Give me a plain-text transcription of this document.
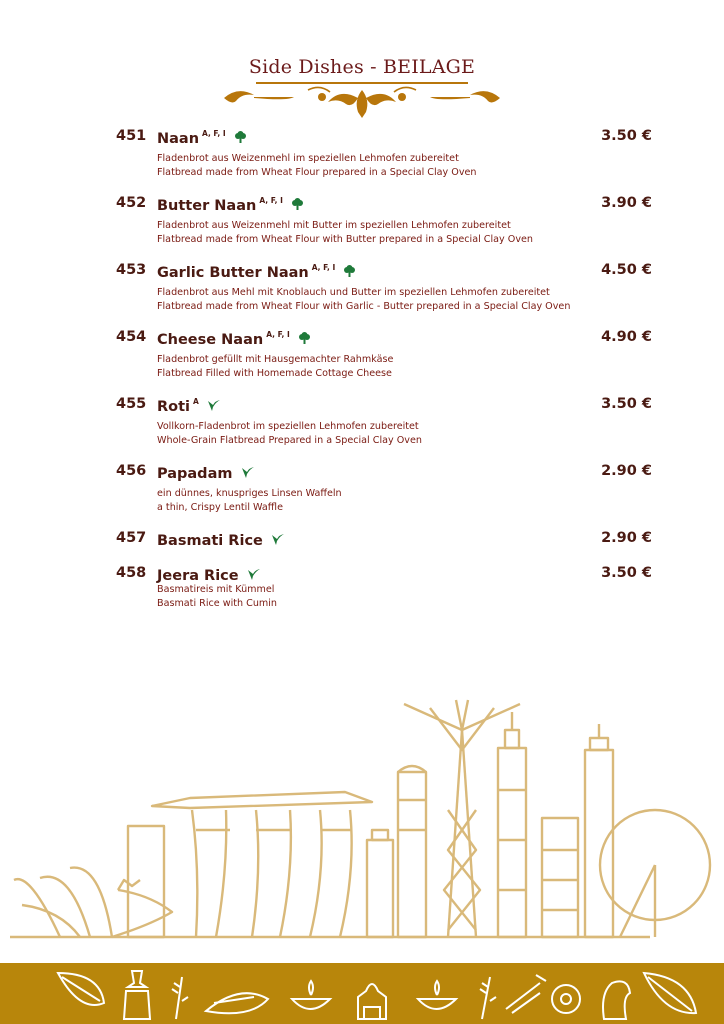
Side Dishes - BEILAGE
451 Naan $^{A, F, I}$	3.50 €
Fladenbrot aus Weizenmehl im speziellen Lehmofen zubereitet
Flatbread made from Wheat Flour prepared in a Special Clay Oven
452 Butter Naan $^{A, F, I}$	3.90 €
Fladenbrot aus Weizenmehl mit Butter im speziellen Lehmofen zubereitet
Flatbread made from Wheat Flour with Butter prepared in a Special Clay Oven
453 Garlic Butter Naan $^{A, F, I}$	4.50 €
Fladenbrot aus Mehl mit Knoblauch und Butter im speziellen Lehmofen zubereitet
Flatbread made from Wheat Flour with Garlic - Butter prepared in a Special Clay Oven
454 Cheese Naan $^{A, F, I}$	4.90 €
Fladenbrot gefüllt mit Hausgemachter Rahmkäse
Flatbread Filled with Homemade Cottage Cheese
455 Roti $^A$	3.50 €
Vollkorn-Fladenbrot im speziellen Lehmofen zubereitet
Whole-Grain Flatbread Prepared in a Special Clay Oven
456 Papadam	2.90 €
ein dünnes, knuspriges Linsen Waffeln
a thin, Crispy Lentil Waffle
457 Basmati Rice	2.90 €
458 Jeera Rice	3.50 €
Basmatireis mit Kümmel
Basmati Rice with Cumin
